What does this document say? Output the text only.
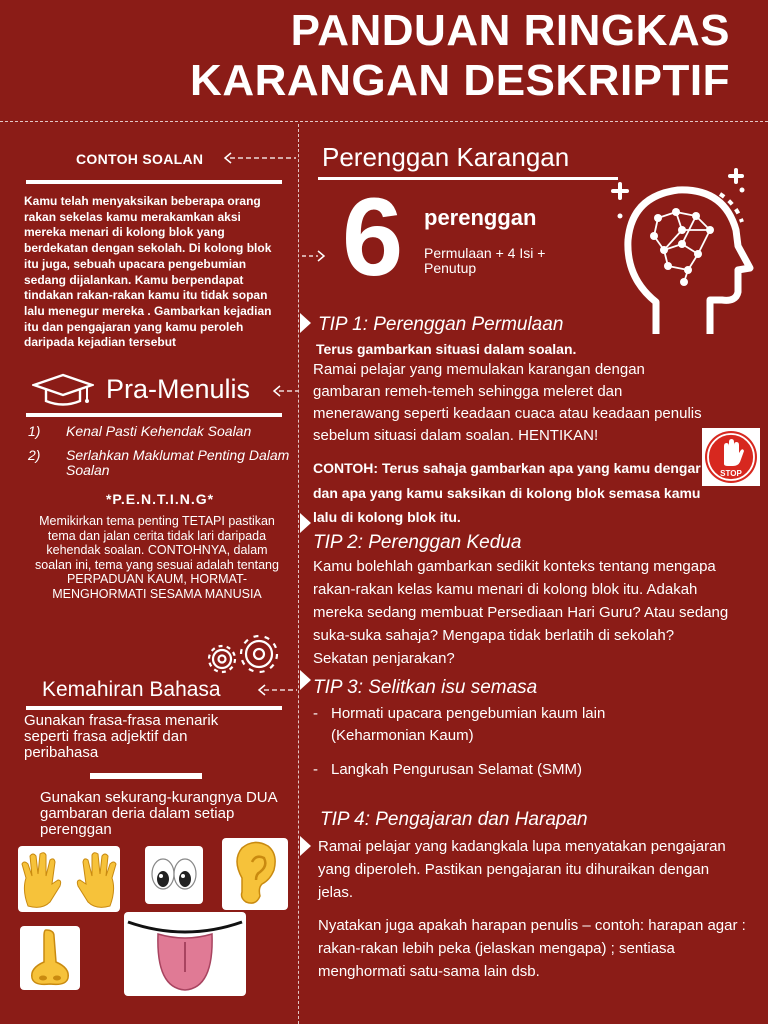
PANDUAN RINGKAS
KARANGAN DESKRIPTIF
CONTOH SOALAN
Kamu telah menyaksikan beberapa orang rakan sekelas kamu merakamkan aksi mereka menari di kolong blok yang berdekatan dengan sekolah. Di kolong blok itu juga, sebuah upacara pengebumian sedang dijalankan. Kamu berpendapat tindakan rakan-rakan kamu itu tidak sopan lalu menegur mereka . Gambarkan kejadian itu dan pengajaran yang kamu peroleh daripada kejadian tersebut
Pra-Menulis
1)	Kenal Pasti Kehendak Soalan
2)	Serlahkan Maklumat Penting Dalam Soalan
*P.E.N.T.I.N.G*
Memikirkan tema penting TETAPI pastikan tema dan jalan cerita tidak lari daripada kehendak soalan. CONTOHNYA, dalam soalan ini, tema yang sesuai adalah tentang PERPADUAN KAUM, HORMAT-MENGHORMATI SESAMA MANUSIA
Kemahiran Bahasa
Gunakan frasa-frasa menarik seperti frasa adjektif dan peribahasa
Gunakan sekurang-kurangnya DUA gambaran deria dalam setiap perenggan
Perenggan Karangan
6 perenggan
Permulaan + 4 Isi + Penutup
TIP 1: Perenggan Permulaan
Terus gambarkan situasi dalam soalan.
Ramai pelajar yang memulakan karangan dengan gambaran remeh-temeh sehingga meleret dan menerawang seperti keadaan cuaca atau keadaan penulis sebelum situasi dalam soalan. HENTIKAN!
CONTOH: Terus sahaja gambarkan apa yang kamu dengar dan apa yang kamu saksikan di kolong blok semasa kamu lalu di kolong blok itu.
STOP
TIP 2: Perenggan Kedua
Kamu bolehlah gambarkan sedikit konteks tentang mengapa rakan-rakan kelas kamu menari di kolong blok itu. Adakah mereka sedang membuat Persediaan Hari Guru? Atau sedang suka-suka sahaja? Mengapa tidak berlatih di sekolah? Sekatan penjarakan?
TIP 3: Selitkan isu semasa
- Hormati upacara pengebumian kaum lain (Keharmonian Kaum)
- Langkah Pengurusan Selamat (SMM)
TIP 4: Pengajaran dan Harapan
Ramai pelajar yang kadangkala lupa menyatakan pengajaran yang diperoleh. Pastikan pengajaran itu dihuraikan dengan jelas.
Nyatakan juga apakah harapan penulis – contoh: harapan agar : rakan-rakan lebih peka (jelaskan mengapa) ; sentiasa menghormati satu-sama lain dsb.
